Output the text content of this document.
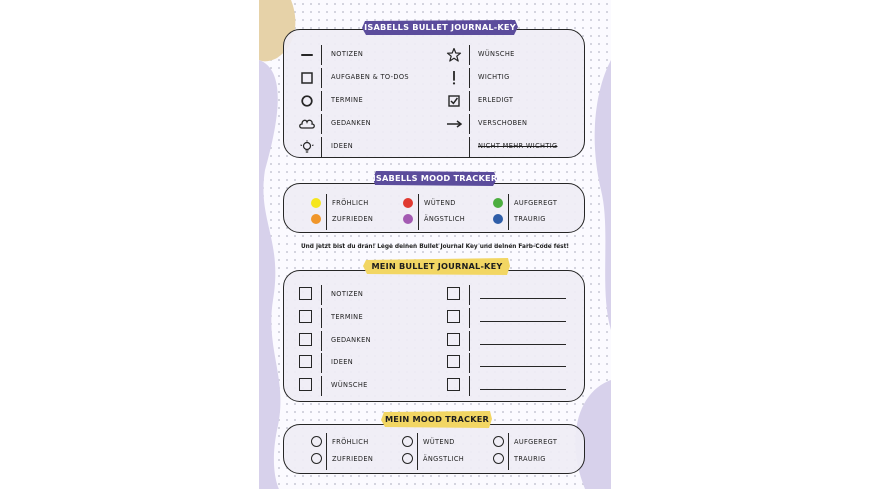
ISABELLS BULLET JOURNAL-KEY
NOTIZEN
AUFGABEN & TO-DOS
TERMINE
GEDANKEN
IDEEN
WÜNSCHE
WICHTIG
ERLEDIGT
VERSCHOBEN
NICHT MEHR WICHTIG
ISABELLS MOOD TRACKER
FRÖHLICH	WÜTEND	AUFGEREGT
ZUFRIEDEN	ÄNGSTLICH	TRAURIG
Und jetzt bist du dran! Lege deinen Bullet Journal Key und deinen Farb-Code fest!
MEIN BULLET JOURNAL-KEY
NOTIZEN
TERMINE
GEDANKEN
IDEEN
WÜNSCHE
MEIN MOOD TRACKER
FRÖHLICH	WÜTEND	AUFGEREGT
ZUFRIEDEN	ÄNGSTLICH	TRAURIG
